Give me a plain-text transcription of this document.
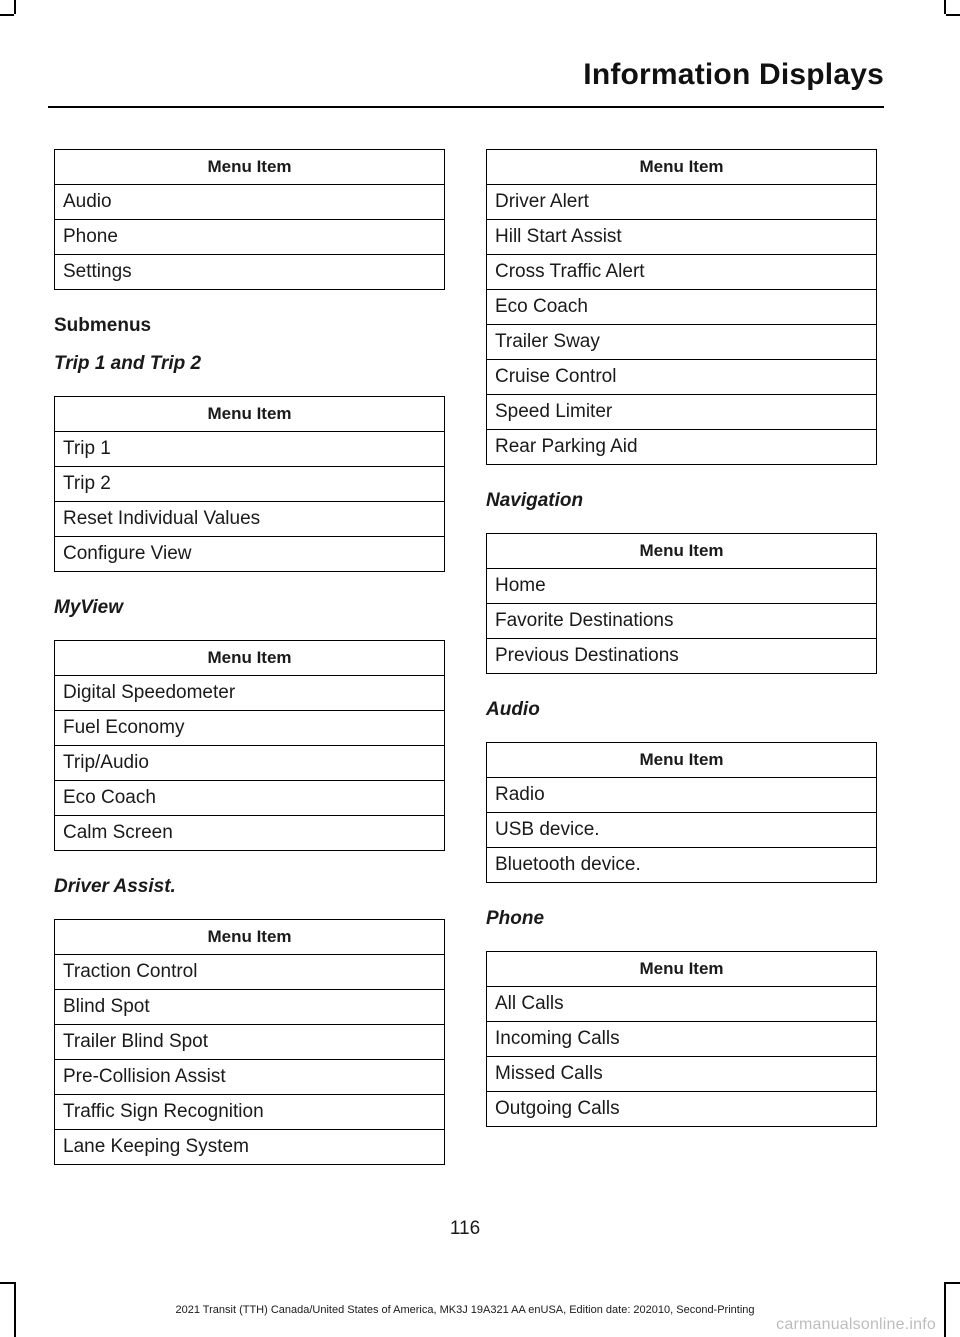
Information Displays
Menu Item
Audio
Phone
Settings

Submenus

Trip 1 and Trip 2

Menu Item
Trip 1
Trip 2
Reset Individual Values
Configure View

MyView

Menu Item
Digital Speedometer
Fuel Economy
Trip/Audio
Eco Coach
Calm Screen

Driver Assist.

Menu Item
Traction Control
Blind Spot
Trailer Blind Spot
Pre-Collision Assist
Traffic Sign Recognition
Lane Keeping System
Menu Item
Driver Alert
Hill Start Assist
Cross Traffic Alert
Eco Coach
Trailer Sway
Cruise Control
Speed Limiter
Rear Parking Aid

Navigation

Menu Item
Home
Favorite Destinations
Previous Destinations

Audio

Menu Item
Radio
USB device.
Bluetooth device.

Phone

Menu Item
All Calls
Incoming Calls
Missed Calls
Outgoing Calls
116
2021 Transit (TTH) Canada/United States of America, MK3J 19A321 AA enUSA, Edition date: 202010, Second-Printing
carmanualsonline.info
